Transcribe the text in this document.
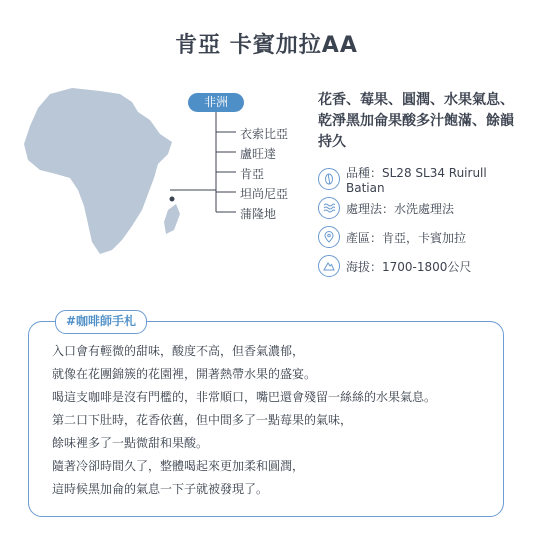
肯亞 卡賓加拉AA
非洲
衣索比亞
盧旺達
肯亞
坦尚尼亞
蒲隆地
花香、莓果、圓潤、水果氣息、乾淨黑加侖果酸多汁飽滿、餘韻持久
品種：SL28 SL34 Ruirull Batian
處理法：水洗處理法
產區：肯亞，卡賓加拉
海拔：1700-1800公尺
#咖啡師手札
入口會有輕微的甜味，酸度不高，但香氣濃郁，
就像在花團錦簇的花園裡，開著熱帶水果的盛宴。
喝這支咖啡是沒有門檻的，非常順口，嘴巴還會殘留一絲絲的水果氣息。
第二口下肚時，花香依舊，但中間多了一點莓果的氣味，
餘味裡多了一點微甜和果酸。
隨著冷卻時間久了，整體喝起來更加柔和圓潤，
這時候黑加侖的氣息一下子就被發現了。
